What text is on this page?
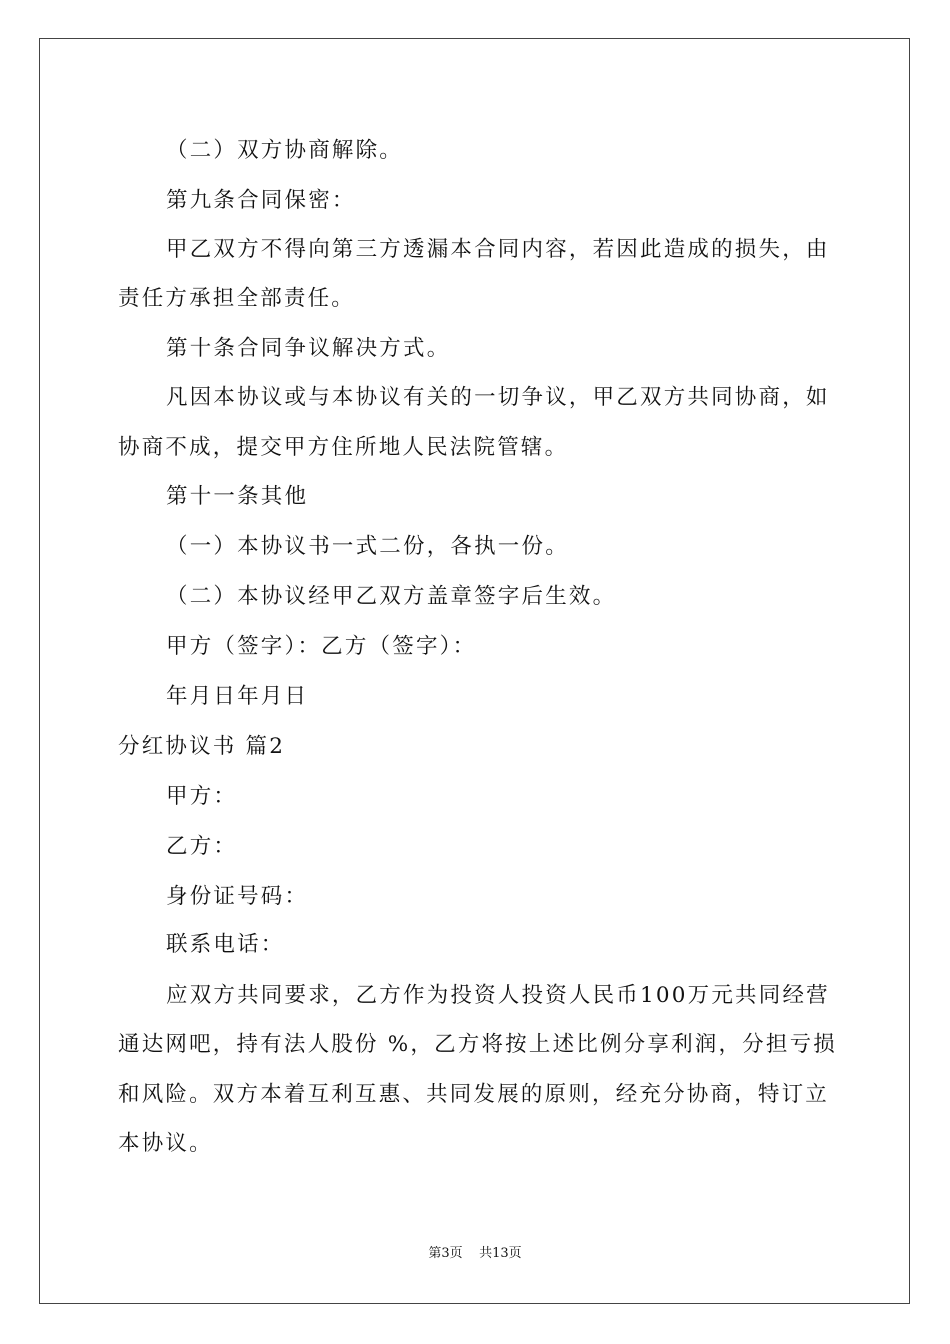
（二）双方协商解除。
第九条合同保密：
甲乙双方不得向第三方透漏本合同内容，若因此造成的损失，由
责任方承担全部责任。
第十条合同争议解决方式。
凡因本协议或与本协议有关的一切争议，甲乙双方共同协商，如
协商不成，提交甲方住所地人民法院管辖。
第十一条其他
（一）本协议书一式二份，各执一份。
（二）本协议经甲乙双方盖章签字后生效。
甲方（签字）：乙方（签字）：
年月日年月日
分红协议书 篇2
甲方：
乙方：
身份证号码：
联系电话：
应双方共同要求，乙方作为投资人投资人民币100万元共同经营
通达网吧，持有法人股份 %，乙方将按上述比例分享利润，分担亏损
和风险。双方本着互利互惠、共同发展的原则，经充分协商，特订立
本协议。
第3页 共13页
